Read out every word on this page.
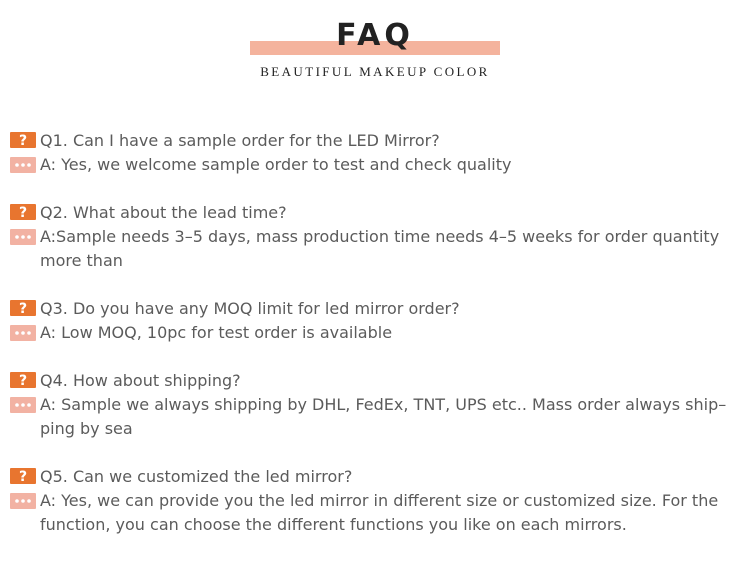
FAQ
BEAUTIFUL MAKEUP COLOR
? Q1. Can I have a sample order for the LED Mirror?
A: Yes, we welcome sample order to test and check quality
? Q2. What about the lead time?
A:Sample needs 3–5 days, mass production time needs 4–5 weeks for order quantity
more than
? Q3. Do you have any MOQ limit for led mirror order?
A: Low MOQ, 10pc for test order is available
? Q4. How about shipping?
A: Sample we always shipping by DHL, FedEx, TNT, UPS etc.. Mass order always ship–
ping by sea
? Q5. Can we customized the led mirror?
A: Yes, we can provide you the led mirror in different size or customized size. For the
function, you can choose the different functions you like on each mirrors.
